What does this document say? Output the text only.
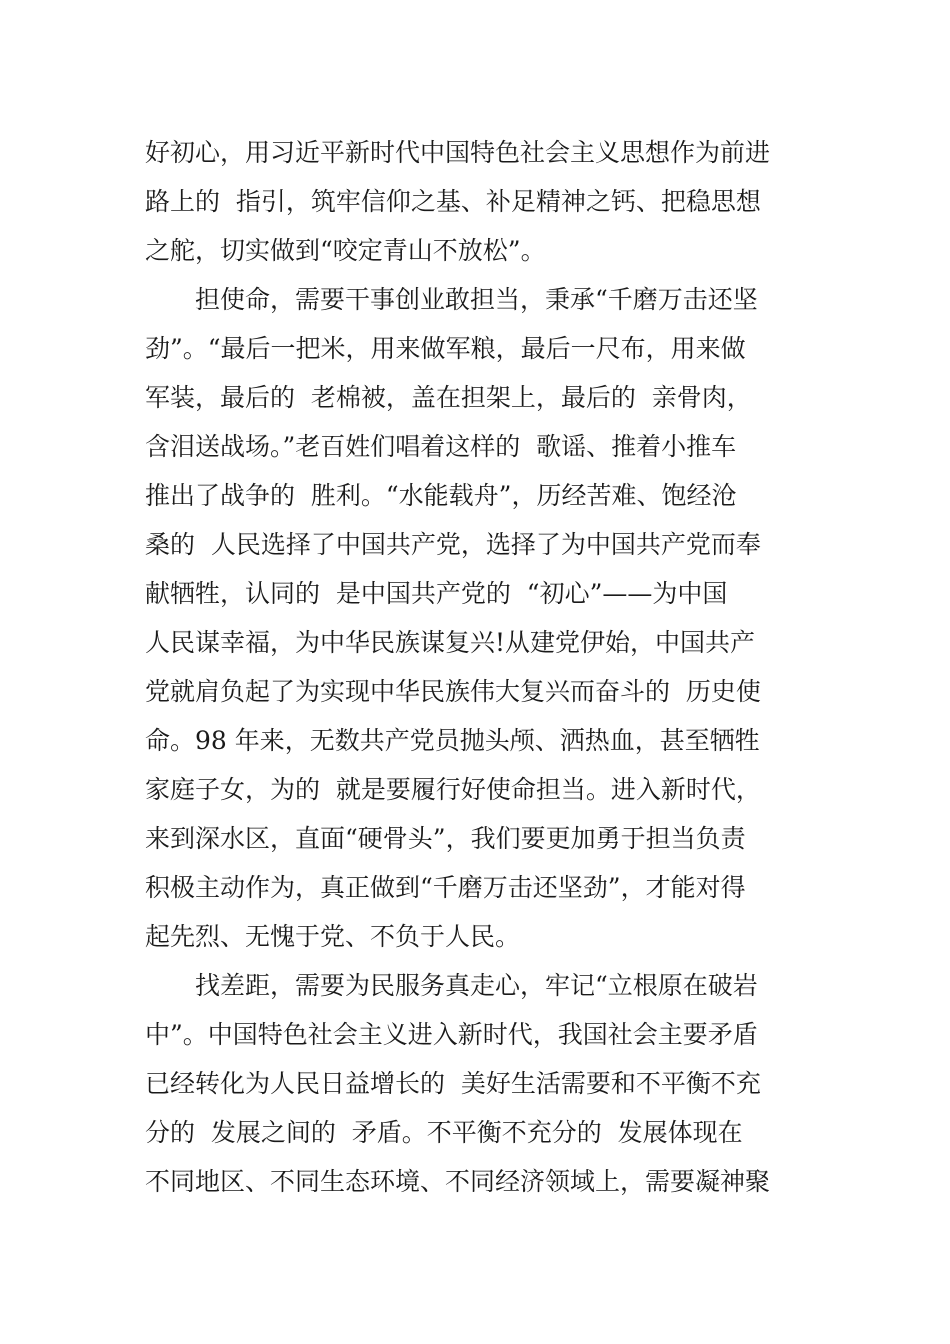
好初心，用习近平新时代中国特色社会主义思想作为前进
路上的  指引，筑牢信仰之基、补足精神之钙、把稳思想
之舵，切实做到“咬定青山不放松”。
担使命，需要干事创业敢担当，秉承“千磨万击还坚
劲”。“最后一把米，用来做军粮，最后一尺布，用来做
军装，最后的  老棉被，盖在担架上，最后的  亲骨肉，
含泪送战场。”老百姓们唱着这样的  歌谣、推着小推车
推出了战争的  胜利。“水能载舟”，历经苦难、饱经沧
桑的  人民选择了中国共产党，选择了为中国共产党而奉
献牺牲，认同的  是中国共产党的  “初心”——为中国
人民谋幸福，为中华民族谋复兴!从建党伊始，中国共产
党就肩负起了为实现中华民族伟大复兴而奋斗的  历史使
命。98 年来，无数共产党员抛头颅、洒热血，甚至牺牲
家庭子女，为的  就是要履行好使命担当。进入新时代，
来到深水区，直面“硬骨头”，我们要更加勇于担当负责
积极主动作为，真正做到“千磨万击还坚劲”，才能对得
起先烈、无愧于党、不负于人民。
找差距，需要为民服务真走心，牢记“立根原在破岩
中”。中国特色社会主义进入新时代，我国社会主要矛盾
已经转化为人民日益增长的  美好生活需要和不平衡不充
分的  发展之间的  矛盾。不平衡不充分的  发展体现在
不同地区、不同生态环境、不同经济领域上，需要凝神聚
